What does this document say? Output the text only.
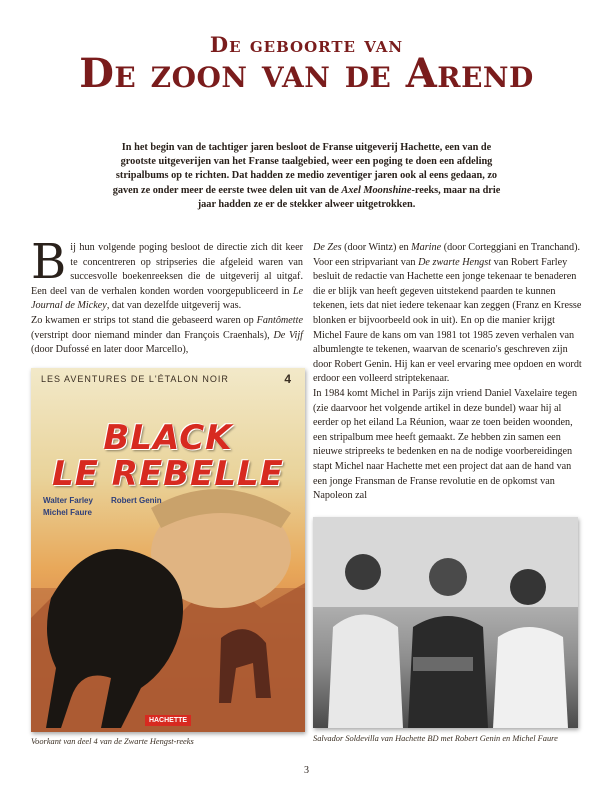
De geboorte van
De zoon van de Arend

In het begin van de tachtiger jaren besloot de Franse uitgeverij Hachette, een van de grootste uitgeverijen van het Franse taalgebied, weer een poging te doen een afdeling stripalbums op te richten. Dat hadden ze medio zeventiger jaren ook al eens gedaan, zo gaven ze onder meer de eerste twee delen uit van de Axel Moonshine-reeks, maar na drie jaar hadden ze er de stekker alweer uitgetrokken.

Bij hun volgende poging besloot de directie zich dit keer te concentreren op stripseries die afgeleid waren van succesvolle boekenreeksen die de uitgeverij al uitgaf. Een deel van de verhalen konden worden voorgepubliceerd in Le Journal de Mickey, dat van dezelfde uitgeverij was.

Zo kwamen er strips tot stand die gebaseerd waren op Fantômette (verstript door niemand minder dan François Craenhals), De Vijf (door Dufossé en later door Marcello),

De Zes (door Wintz) en Marine (door Corteggiani en Tranchand). Voor een stripvariant van De zwarte Hengst van Robert Farley besluit de redactie van Hachette een jonge tekenaar te benaderen die er blijk van heeft gegeven uitstekend paarden te kunnen tekenen, iets dat niet iedere tekenaar kan zeggen (Franz en Kresse blonken er bijvoorbeeld ook in uit). En op die manier krijgt Michel Faure de kans om van 1981 tot 1985 zeven verhalen van albumlengte te tekenen, waarvan de scenario's geschreven zijn door Robert Genin. Hij kan er veel ervaring mee opdoen en wordt erdoor een volleerd striptekenaar.

In 1984 komt Michel in Parijs zijn vriend Daniel Vaxelaire tegen (zie daarvoor het volgende artikel in deze bundel) waar hij al eerder op het eiland La Réunion, waar ze toen beiden woonden, een stripalbum mee heeft gemaakt. Ze hebben zin samen een nieuwe stripreeks te bedenken en na de nodige voorbereidingen stapt Michel naar Hachette met een project dat aan de hand van een jonge Fransman de Franse revolutie en de opkomst van Napoleon zal

LES AVENTURES DE L'ÉTALON NOIR	4
BLACK
LE REBELLE
Walter Farley Robert Genin
Michel Faure
HACHETTE
Voorkant van deel 4 van de Zwarte Hengst-reeks	Salvador Soldevilla van Hachette BD met Robert Genin en Michel Faure
3
